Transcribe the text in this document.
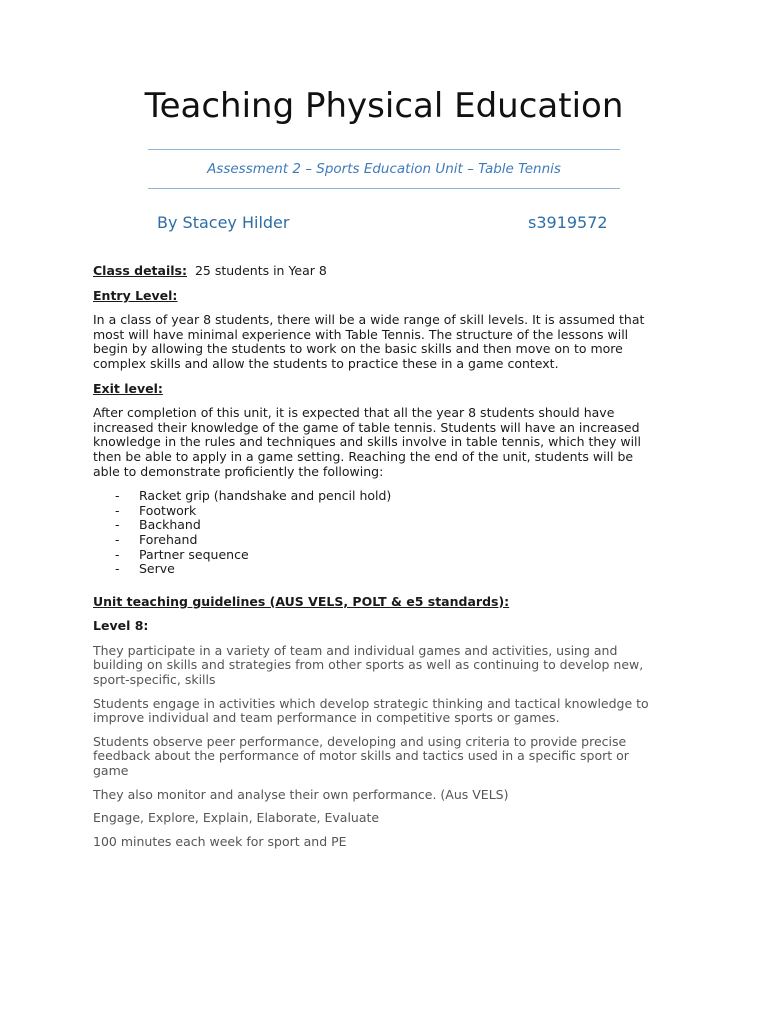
Teaching Physical Education
Assessment 2 – Sports Education Unit – Table Tennis
By Stacey Hilder	s3919572

Class details: 25 students in Year 8

Entry Level:

In a class of year 8 students, there will be a wide range of skill levels. It is assumed that

most will have minimal experience with Table Tennis. The structure of the lessons will

begin by allowing the students to work on the basic skills and then move on to more

complex skills and allow the students to practice these in a game context.

Exit level:

After completion of this unit, it is expected that all the year 8 students should have

increased their knowledge of the game of table tennis. Students will have an increased

knowledge in the rules and techniques and skills involve in table tennis, which they will

then be able to apply in a game setting. Reaching the end of the unit, students will be

able to demonstrate proficiently the following:

- Racket grip (handshake and pencil hold)
- Footwork
- Backhand
- Forehand
- Partner sequence
- Serve

Unit teaching guidelines (AUS VELS, POLT & e5 standards):

Level 8:

They participate in a variety of team and individual games and activities, using and

building on skills and strategies from other sports as well as continuing to develop new,

sport-specific, skills

Students engage in activities which develop strategic thinking and tactical knowledge to

improve individual and team performance in competitive sports or games.

Students observe peer performance, developing and using criteria to provide precise

feedback about the performance of motor skills and tactics used in a specific sport or

game

They also monitor and analyse their own performance. (Aus VELS)

Engage, Explore, Explain, Elaborate, Evaluate

100 minutes each week for sport and PE
